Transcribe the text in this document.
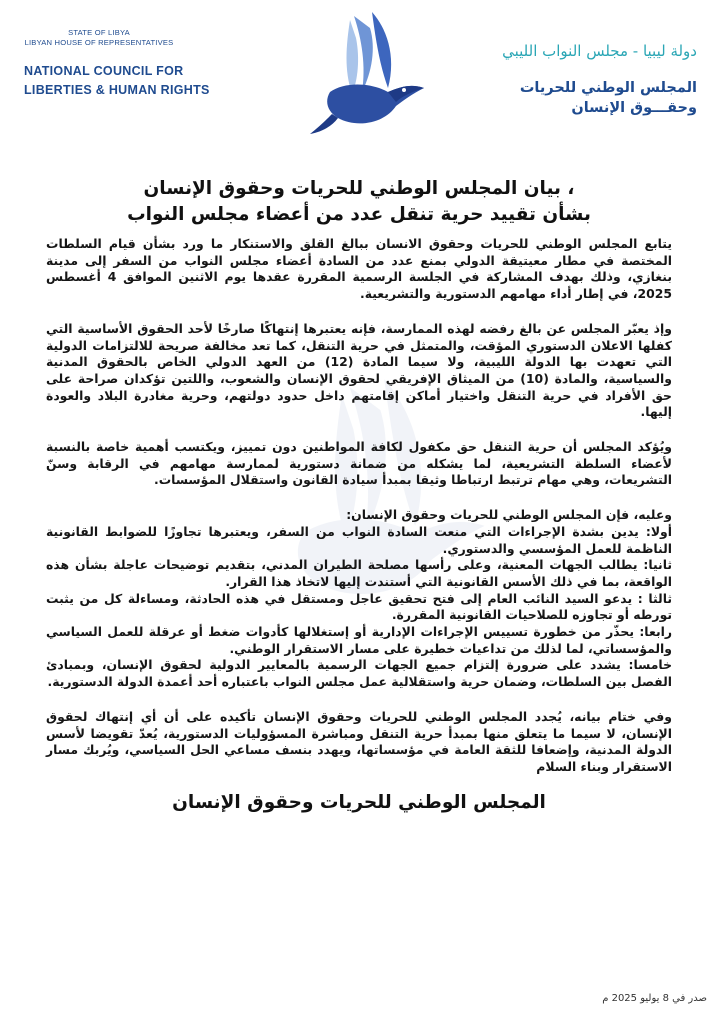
STATE OF LIBYA
LIBYAN HOUSE OF REPRESENTATIVES
NATIONAL COUNCIL FOR
LIBERTIES & HUMAN RIGHTS
دولة ليبيا - مجلس النواب الليبي
المجلس الوطني للحريات
وحقـــوق الإنسان
، بيان المجلس الوطني للحريات وحقوق الإنسان
بشأن تقييد حرية تنقل عدد من أعضاء مجلس النواب

يتابع المجلس الوطني للحريات وحقوق الانسان ببالغ القلق والاستنكار ما ورد بشأن قيام السلطات المختصة في مطار معيتيقة الدولي بمنع عدد من السادة أعضاء مجلس النواب من السفر إلى مدينة بنغازي، وذلك بهدف المشاركة في الجلسة الرسمية المقررة عقدها يوم الاثنين الموافق 4 أغسطس 2025، في إطار أداء مهامهم الدستورية والتشريعية.

وإذ يعبّر المجلس عن بالغ رفضه لهذه الممارسة، فإنه يعتبرها إنتهاكًا صارخًا لأحد الحقوق الأساسية التي كفلها الاعلان الدستوري المؤقت، والمتمثل في حرية التنقل، كما تعد مخالفة صريحة للالتزامات الدولية التي تعهدت بها الدولة الليبية، ولا سيما المادة (12) من العهد الدولي الخاص بالحقوق المدنية والسياسية، والمادة (10) من الميثاق الإفريقي لحقوق الإنسان والشعوب، واللتين تؤكدان صراحة على حق الأفراد في حرية التنقل واختيار أماكن إقامتهم داخل حدود دولتهم، وحرية مغادرة البلاد والعودة إليها.

ويُؤكد المجلس أن حرية التنقل حق مكفول لكافة المواطنين دون تمييز، ويكتسب أهمية خاصة بالنسبة لأعضاء السلطة التشريعية، لما يشكله من ضمانة دستورية لممارسة مهامهم في الرقابة وسنّ التشريعات، وهي مهام ترتبط ارتباطا وثيقا بمبدأ سيادة القانون واستقلال المؤسسات.

وعليه، فإن المجلس الوطني للحريات وحقوق الإنسان:

أولا: يدين بشدة الإجراءات التي منعت السادة النواب من السفر، ويعتبرها تجاوزًا للضوابط القانونية الناظمة للعمل المؤسسي والدستوري.

ثانيا: يطالب الجهات المعنية، وعلى رأسها مصلحة الطيران المدني، بتقديم توضيحات عاجلة بشأن هذه الواقعة، بما في ذلك الأسس القانونية التي أستندت إليها لاتخاذ هذا القرار.

ثالثا : يدعو السيد النائب العام إلى فتح تحقيق عاجل ومستقل في هذه الحادثة، ومساءلة كل من يثبت تورطه أو تجاوزه للصلاحيات القانونية المقررة.

رابعا: يحذّر من خطورة تسييس الإجراءات الإدارية أو إستغلالها كأدوات ضغط أو عرقلة للعمل السياسي والمؤسساتي، لما لذلك من تداعيات خطيرة على مسار الاستقرار الوطني.

خامسا: يشدد على ضرورة إلتزام جميع الجهات الرسمية بالمعايير الدولية لحقوق الإنسان، وبمبادئ الفصل بين السلطات، وضمان حرية واستقلالية عمل مجلس النواب باعتباره أحد أعمدة الدولة الدستورية.

وفي ختام بيانه، يُجدد المجلس الوطني للحريات وحقوق الإنسان تأكيده على أن أي إنتهاك لحقوق الإنسان، لا سيما ما يتعلق منها بمبدأ حرية التنقل ومباشرة المسؤوليات الدستورية، يُعدّ تقويضا لأسس الدولة المدنية، وإضعافا للثقة العامة في مؤسساتها، ويهدد بنسف مساعي الحل السياسي، ويُربك مسار الاستقرار وبناء السلام

المجلس الوطني للحريات وحقوق الإنسان
صدر في 8 يوليو 2025 م
